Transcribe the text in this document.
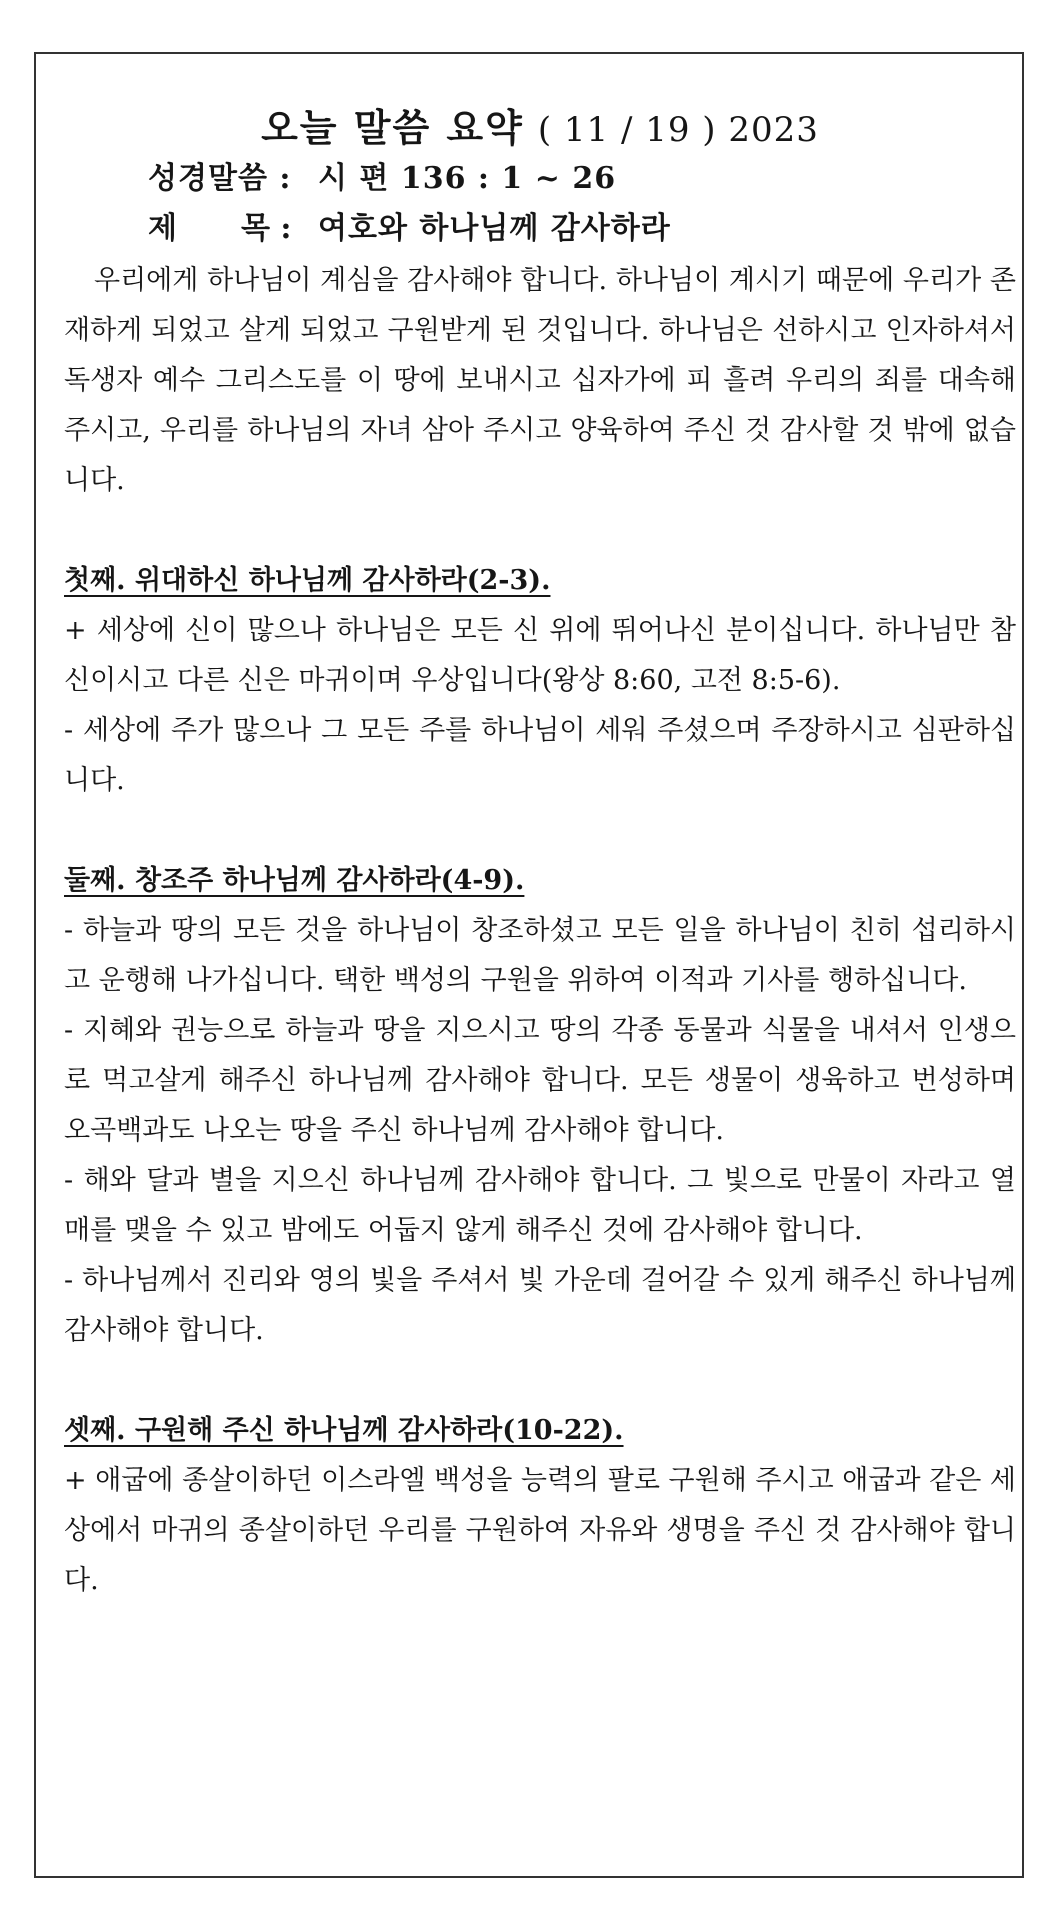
오늘 말씀 요약 ( 11 / 19 ) 2023
성경말씀 : 시 편 136 : 1 ~ 26
제 목 : 여호와 하나님께 감사하라

우리에게 하나님이 계심을 감사해야 합니다. 하나님이 계시기 때문에 우리가 존재하게 되었고 살게 되었고 구원받게 된 것입니다. 하나님은 선하시고 인자하셔서 독생자 예수 그리스도를 이 땅에 보내시고 십자가에 피 흘려 우리의 죄를 대속해주시고, 우리를 하나님의 자녀 삼아 주시고 양육하여 주신 것 감사할 것 밖에 없습니다.

첫째. 위대하신 하나님께 감사하라(2-3).

+ 세상에 신이 많으나 하나님은 모든 신 위에 뛰어나신 분이십니다. 하나님만 참 신이시고 다른 신은 마귀이며 우상입니다(왕상 8:60, 고전 8:5-6).

- 세상에 주가 많으나 그 모든 주를 하나님이 세워 주셨으며 주장하시고 심판하십니다.

둘째. 창조주 하나님께 감사하라(4-9).

- 하늘과 땅의 모든 것을 하나님이 창조하셨고 모든 일을 하나님이 친히 섭리하시고 운행해 나가십니다. 택한 백성의 구원을 위하여 이적과 기사를 행하십니다.

- 지혜와 권능으로 하늘과 땅을 지으시고 땅의 각종 동물과 식물을 내셔서 인생으로 먹고살게 해주신 하나님께 감사해야 합니다. 모든 생물이 생육하고 번성하며 오곡백과도 나오는 땅을 주신 하나님께 감사해야 합니다.

- 해와 달과 별을 지으신 하나님께 감사해야 합니다. 그 빛으로 만물이 자라고 열매를 맺을 수 있고 밤에도 어둡지 않게 해주신 것에 감사해야 합니다.

- 하나님께서 진리와 영의 빛을 주셔서 빛 가운데 걸어갈 수 있게 해주신 하나님께 감사해야 합니다.

셋째. 구원해 주신 하나님께 감사하라(10-22).

+ 애굽에 종살이하던 이스라엘 백성을 능력의 팔로 구원해 주시고 애굽과 같은 세상에서 마귀의 종살이하던 우리를 구원하여 자유와 생명을 주신 것 감사해야 합니다.
